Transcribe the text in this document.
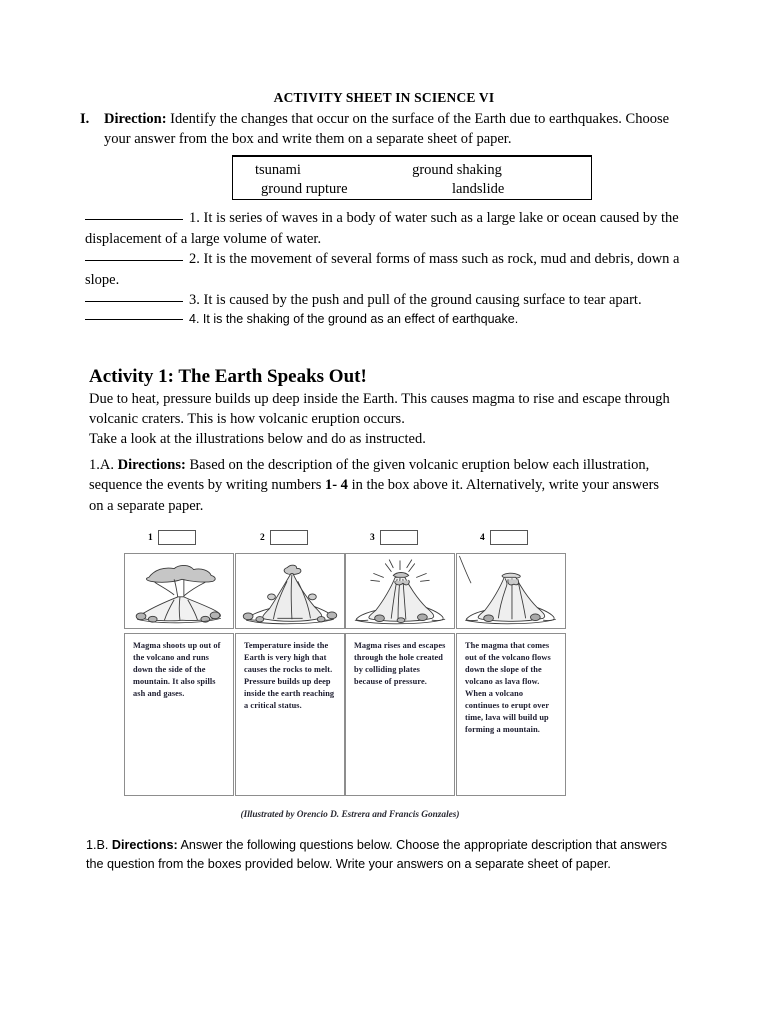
ACTIVITY SHEET IN SCIENCE VI
I. Direction: Identify the changes that occur on the surface of the Earth due to earthquakes. Choose your answer from the box and write them on a separate sheet of paper.
tsunami	ground shaking
ground rupture	landslide

1. It is series of waves in a body of water such as a large lake or ocean caused by the displacement of a large volume of water.

2. It is the movement of several forms of mass such as rock, mud and debris, down a slope.

3. It is caused by the push and pull of the ground causing surface to tear apart.

4. It is the shaking of the ground as an effect of earthquake.

Activity 1: The Earth Speaks Out!
Due to heat, pressure builds up deep inside the Earth. This causes magma to rise and escape through volcanic craters. This is how volcanic eruption occurs.
Take a look at the illustrations below and do as instructed.
1.A. Directions: Based on the description of the given volcanic eruption below each illustration, sequence the events by writing numbers 1- 4 in the box above it. Alternatively, write your answers on a separate paper.
1	2	3	4
Magma shoots up out of the volcano and runs down the side of the mountain. It also spills ash and gases.
Temperature inside the Earth is very high that causes the rocks to melt. Pressure builds up deep inside the earth reaching a critical status.
Magma rises and escapes through the hole created by colliding plates because of pressure.
The magma that comes out of the volcano flows down the slope of the volcano as lava flow. When a volcano continues to erupt over time, lava will build up forming a mountain.
(Illustrated by Orencio D. Estrera and Francis Gonzales)
1.B. Directions: Answer the following questions below. Choose the appropriate description that answers the question from the boxes provided below. Write your answers on a separate sheet of paper.
